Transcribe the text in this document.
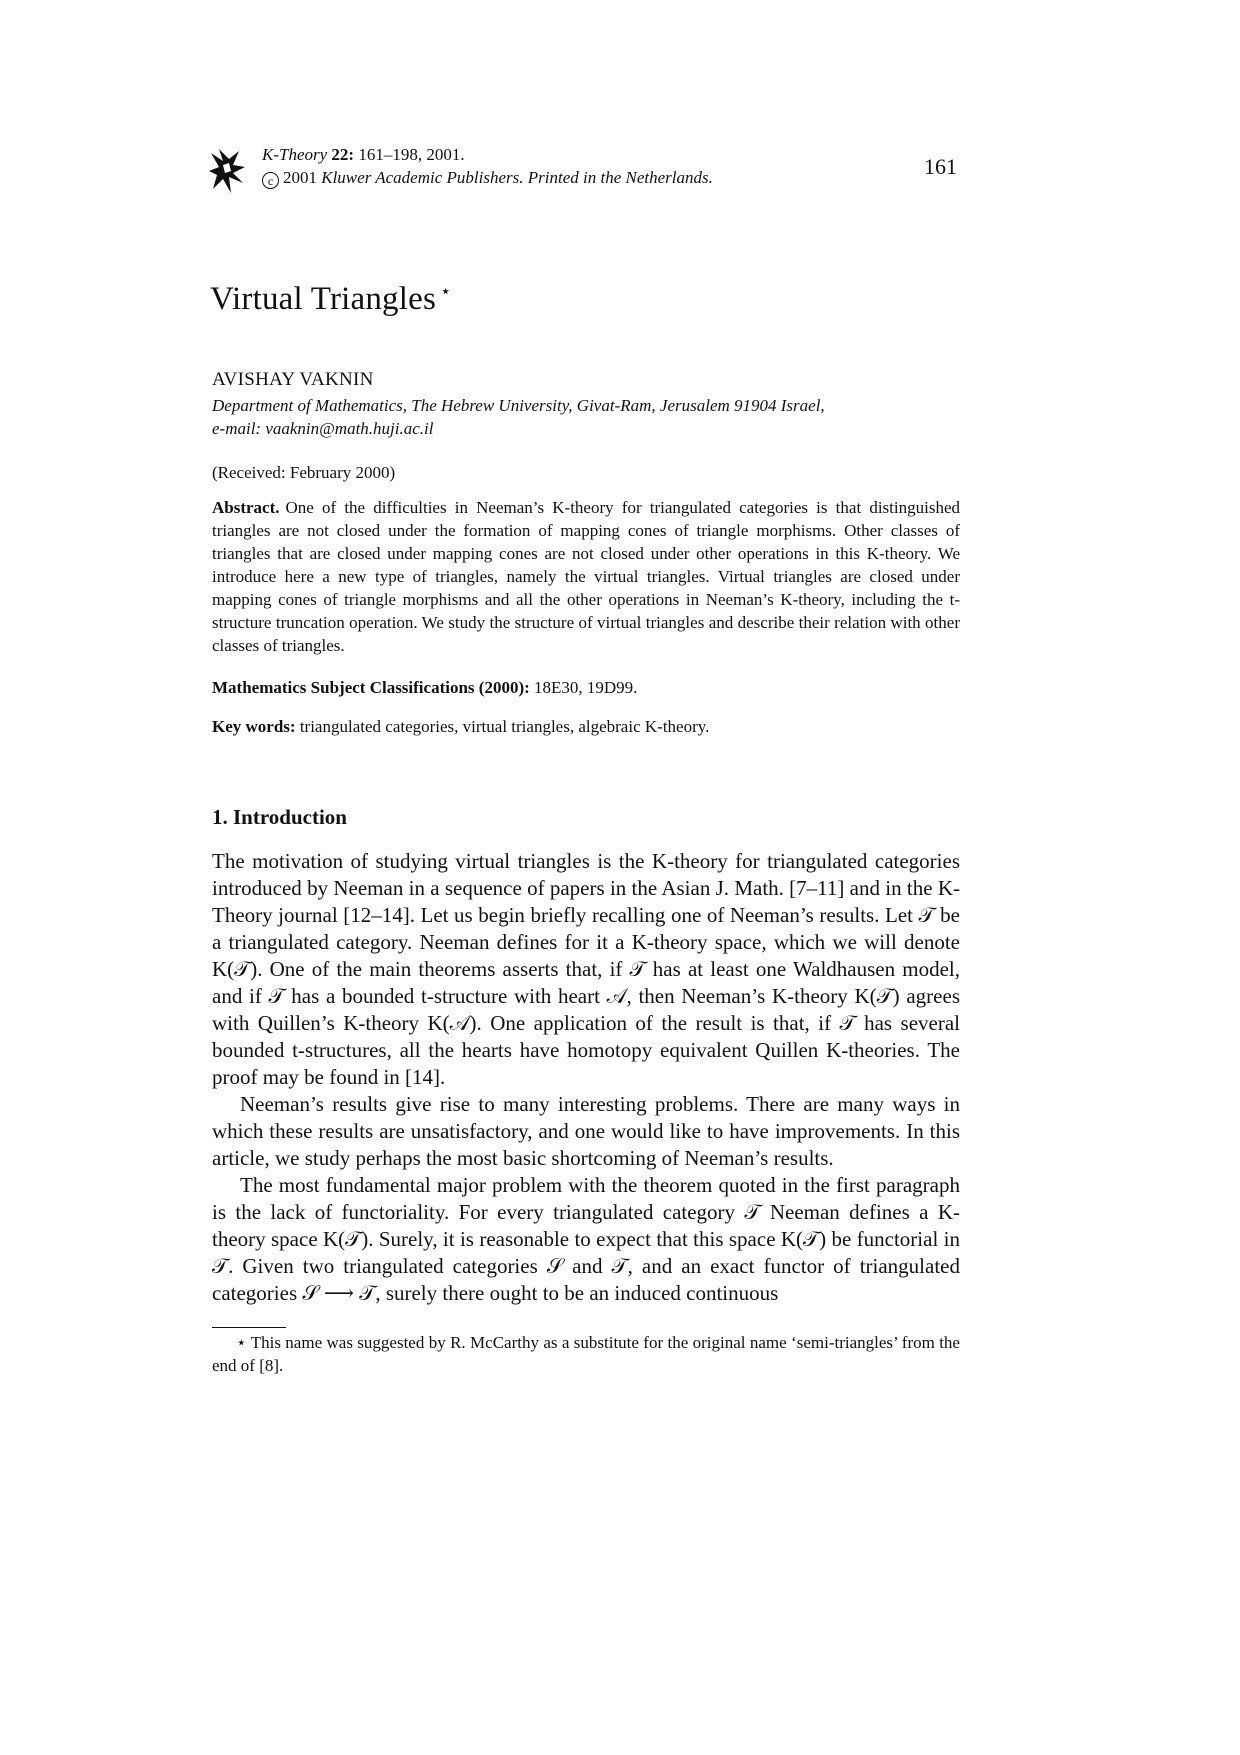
K-Theory 22: 161–198, 2001.
c 2001 Kluwer Academic Publishers. Printed in the Netherlands.	161
Virtual Triangles ⋆
AVISHAY VAKNIN
Department of Mathematics, The Hebrew University, Givat-Ram, Jerusalem 91904 Israel,
e-mail: vaaknin@math.huji.ac.il
(Received: February 2000)
Abstract. One of the difficulties in Neeman’s K-theory for triangulated categories is that distinguished triangles are not closed under the formation of mapping cones of triangle morphisms. Other classes of triangles that are closed under mapping cones are not closed under other operations in this K-theory. We introduce here a new type of triangles, namely the virtual triangles. Virtual triangles are closed under mapping cones of triangle morphisms and all the other operations in Neeman’s K-theory, including the t-structure truncation operation. We study the structure of virtual triangles and describe their relation with other classes of triangles.
Mathematics Subject Classifications (2000): 18E30, 19D99.
Key words: triangulated categories, virtual triangles, algebraic K-theory.
1. Introduction

The motivation of studying virtual triangles is the K-theory for triangulated categories introduced by Neeman in a sequence of papers in the Asian J. Math. [7–11] and in the K-Theory journal [12–14]. Let us begin briefly recalling one of Neeman’s results. Let 𝒯 be a triangulated category. Neeman defines for it a K-theory space, which we will denote K(𝒯). One of the main theorems asserts that, if 𝒯 has at least one Waldhausen model, and if 𝒯 has a bounded t-structure with heart 𝒜, then Neeman’s K-theory K(𝒯) agrees with Quillen’s K-theory K(𝒜). One application of the result is that, if 𝒯 has several bounded t-structures, all the hearts have homotopy equivalent Quillen K-theories. The proof may be found in [14].

Neeman’s results give rise to many interesting problems. There are many ways in which these results are unsatisfactory, and one would like to have improvements. In this article, we study perhaps the most basic shortcoming of Neeman’s results.

The most fundamental major problem with the theorem quoted in the first paragraph is the lack of functoriality. For every triangulated category 𝒯 Neeman defines a K-theory space K(𝒯). Surely, it is reasonable to expect that this space K(𝒯) be functorial in 𝒯. Given two triangulated categories 𝒮 and 𝒯, and an exact functor of triangulated categories 𝒮 ⟶ 𝒯, surely there ought to be an induced continuous

⋆ This name was suggested by R. McCarthy as a substitute for the original name ‘semi-triangles’ from the end of [8].
